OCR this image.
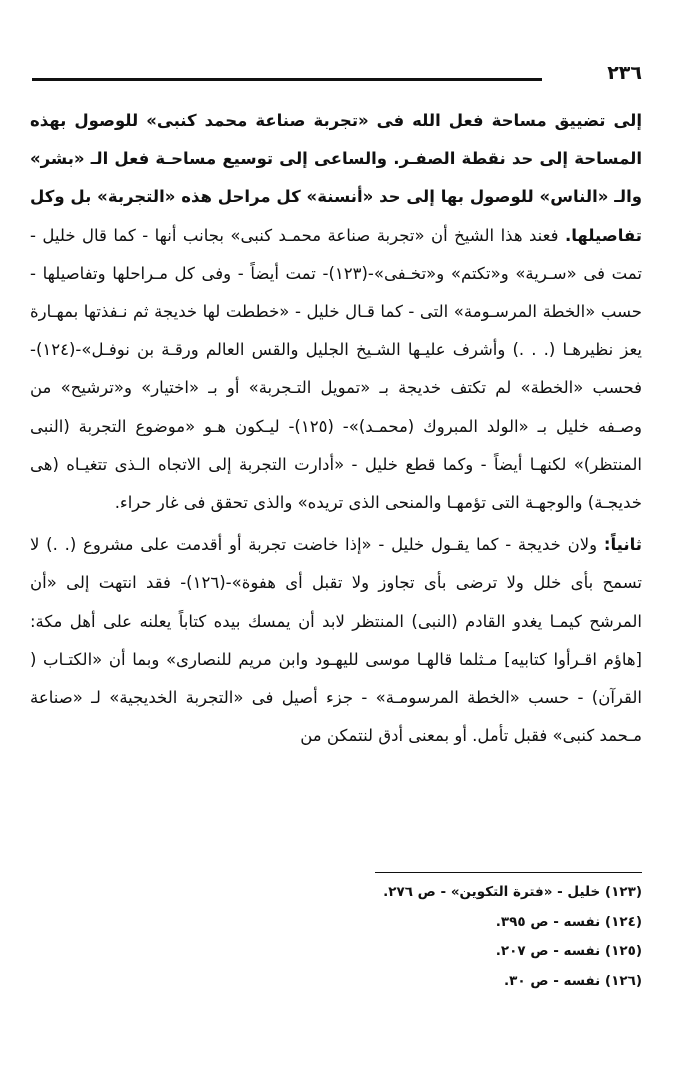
٢٣٦

إلى تضييق مساحة فعل الله فى «تجربة صناعة محمد كنبى» للوصول بهذه المساحة إلى حد نقطة الصفـر. والساعى إلى توسيع مساحـة فعل الـ «بشر» والـ «الناس» للوصول بها إلى حد «أنسنة» كل مراحل هذه «التجربة» بل وكل تفاصيلها. فعند هذا الشيخ أن «تجربة صناعة محمـد كنبى» بجانب أنها - كما قال خليل - تمت فى «سـرية» و«تكتم» و«تخـفى»-(١٢٣)- تمت أيضاً - وفى كل مـراحلها وتفاصيلها - حسب «الخطة المرسـومة» التى - كما قـال خليل - «خططت لها خديجة ثم نـفذتها بمهـارة يعز نظيرهـا (. . .) وأشرف عليـها الشـيخ الجليل والقس العالم ورقـة بن نوفـل»-(١٢٤)- فحسب «الخطة» لم تكتف خديجة بـ «تمويل التـجربة» أو بـ «اختيار» و«ترشيح» من وصـفه خليل بـ «الولد المبروك (محمـد)»- (١٢٥)- ليـكون هـو «موضوع التجربة (النبى المنتظر)» لكنهـا أيضاً - وكما قطع خليل - «أدارت التجربة إلى الاتجاه الـذى تتغيـاه (هى خديجـة) والوجهـة التى تؤمهـا والمنحى الذى تريده» والذى تحقق فى غار حراء.

ثانياً: ولان خديجة - كما يقـول خليل - «إذا خاضت تجربة أو أقدمت على مشروع (. .) لا تسمح بأى خلل ولا ترضى بأى تجاوز ولا تقبل أى هفوة»-(١٢٦)- فقد انتهت إلى «أن المرشح كيمـا يغدو القادم (النبى) المنتظر لابد أن يمسك بيده كتاباً يعلنه على أهل مكة: [هاؤم اقـرأوا كتابيه] مـثلما قالهـا موسى لليهـود وابن مريم للنصارى» وبما أن «الكتـاب ( القرآن) - حسب «الخطة المرسومـة» - جزء أصيل فى «التجربة الخديجية» لـ «صناعة مـحمد كنبى» فقبل تأمل. أو بمعنى أدق لنتمكن من

(١٢٣) خليل - «فترة التكوين» - ص ٢٧٦.
(١٢٤) نفسه - ص ٣٩٥.
(١٢٥) نفسه - ص ٢٠٧.
(١٢٦) نفسه - ص ٣٠.
